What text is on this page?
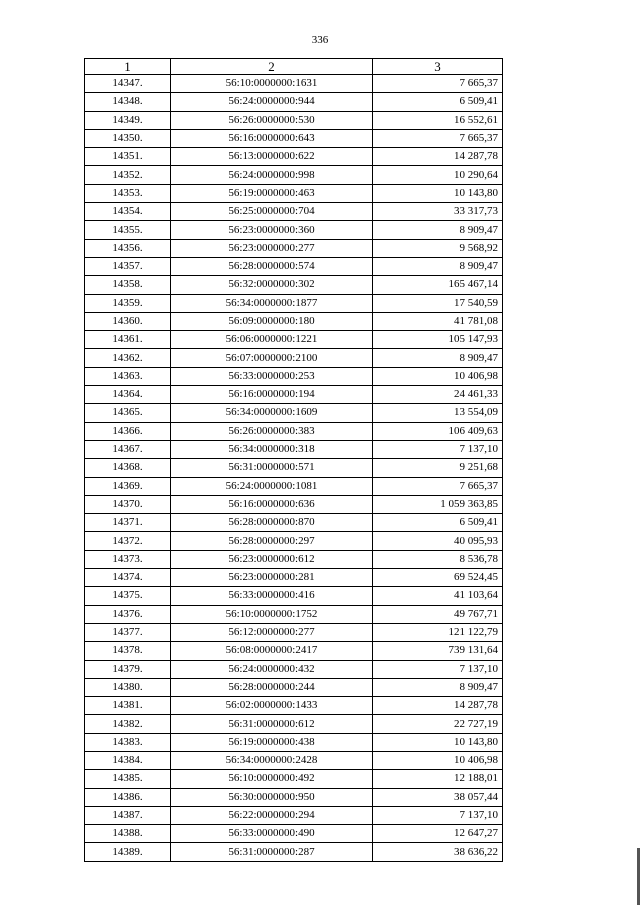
336
1	2	3
14347.	56:10:0000000:1631	7 665,37
14348.	56:24:0000000:944	6 509,41
14349.	56:26:0000000:530	16 552,61
14350.	56:16:0000000:643	7 665,37
14351.	56:13:0000000:622	14 287,78
14352.	56:24:0000000:998	10 290,64
14353.	56:19:0000000:463	10 143,80
14354.	56:25:0000000:704	33 317,73
14355.	56:23:0000000:360	8 909,47
14356.	56:23:0000000:277	9 568,92
14357.	56:28:0000000:574	8 909,47
14358.	56:32:0000000:302	165 467,14
14359.	56:34:0000000:1877	17 540,59
14360.	56:09:0000000:180	41 781,08
14361.	56:06:0000000:1221	105 147,93
14362.	56:07:0000000:2100	8 909,47
14363.	56:33:0000000:253	10 406,98
14364.	56:16:0000000:194	24 461,33
14365.	56:34:0000000:1609	13 554,09
14366.	56:26:0000000:383	106 409,63
14367.	56:34:0000000:318	7 137,10
14368.	56:31:0000000:571	9 251,68
14369.	56:24:0000000:1081	7 665,37
14370.	56:16:0000000:636	1 059 363,85
14371.	56:28:0000000:870	6 509,41
14372.	56:28:0000000:297	40 095,93
14373.	56:23:0000000:612	8 536,78
14374.	56:23:0000000:281	69 524,45
14375.	56:33:0000000:416	41 103,64
14376.	56:10:0000000:1752	49 767,71
14377.	56:12:0000000:277	121 122,79
14378.	56:08:0000000:2417	739 131,64
14379.	56:24:0000000:432	7 137,10
14380.	56:28:0000000:244	8 909,47
14381.	56:02:0000000:1433	14 287,78
14382.	56:31:0000000:612	22 727,19
14383.	56:19:0000000:438	10 143,80
14384.	56:34:0000000:2428	10 406,98
14385.	56:10:0000000:492	12 188,01
14386.	56:30:0000000:950	38 057,44
14387.	56:22:0000000:294	7 137,10
14388.	56:33:0000000:490	12 647,27
14389.	56:31:0000000:287	38 636,22
